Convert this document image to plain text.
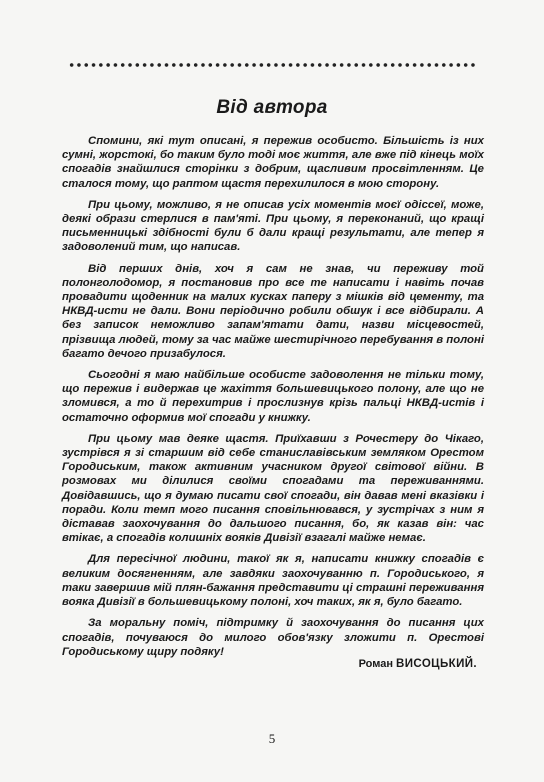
Від автора

Спомини, які тут описані, я пережив особисто. Більшість із них сумні, жорстокі, бо таким було тоді моє життя, але вже під кінець моїх спогадів знайшлися сторінки з добрим, щасливим просвітленням. Це сталося тому, що раптом щастя перехилилося в мою сторону.

При цьому, можливо, я не описав усіх моментів моєї одіссеї, може, деякі образи стерлися в пам'яті. При цьому, я переконаний, що кращі письменницькі здібності були б дали кращі результати, але тепер я задоволений тим, що написав.

Від перших днів, хоч я сам не знав, чи переживу той полонголодомор, я постановив про все те написати і навіть почав провадити щоденник на малих кусках паперу з мішків від цементу, та НКВД-исти не дали. Вони періодично робили обшук і все відбирали. А без записок неможливо запам'ятати дати, назви місцевостей, прізвища людей, тому за час майже шестирічного перебування в полоні багато дечого призабулося.

Сьогодні я маю найбільше особисте задоволення не тільки тому, що пережив і видержав це жахіття большевицького полону, але що не зломився, а то й перехитрив і прослизнув крізь пальці НКВД-истів і остаточно оформив мої спогади у книжку.

При цьому мав деяке щастя. Приїхавши з Рочестеру до Чікаго, зустрівся я зі старшим від себе станиславівським земляком Орестом Городиським, також активним учасником другої світової війни. В розмовах ми ділилися своїми спогадами та переживаннями. Довідавшись, що я думаю писати свої спогади, він давав мені вказівки і поради. Коли темп мого писання сповільнювався, у зустрічах з ним я діставав заохочування до дальшого писання, бо, як казав він: час втікає, а спогадів колишніх вояків Дивізії взагалі майже немає.

Для пересічної людини, такої як я, написати книжку спогадів є великим досягненням, але завдяки заохочуванню п. Городиського, я таки завершив мій плян-бажання представити ці страшні переживання вояка Дивізії в большевицькому полоні, хоч таких, як я, було багато.

За моральну поміч, підтримку й заохочування до писання цих спогадів, почуваюся до милого обов'язку зложити п. Орестові Городиському щиру подяку!

Роман ВИСОЦЬКИЙ.
5
